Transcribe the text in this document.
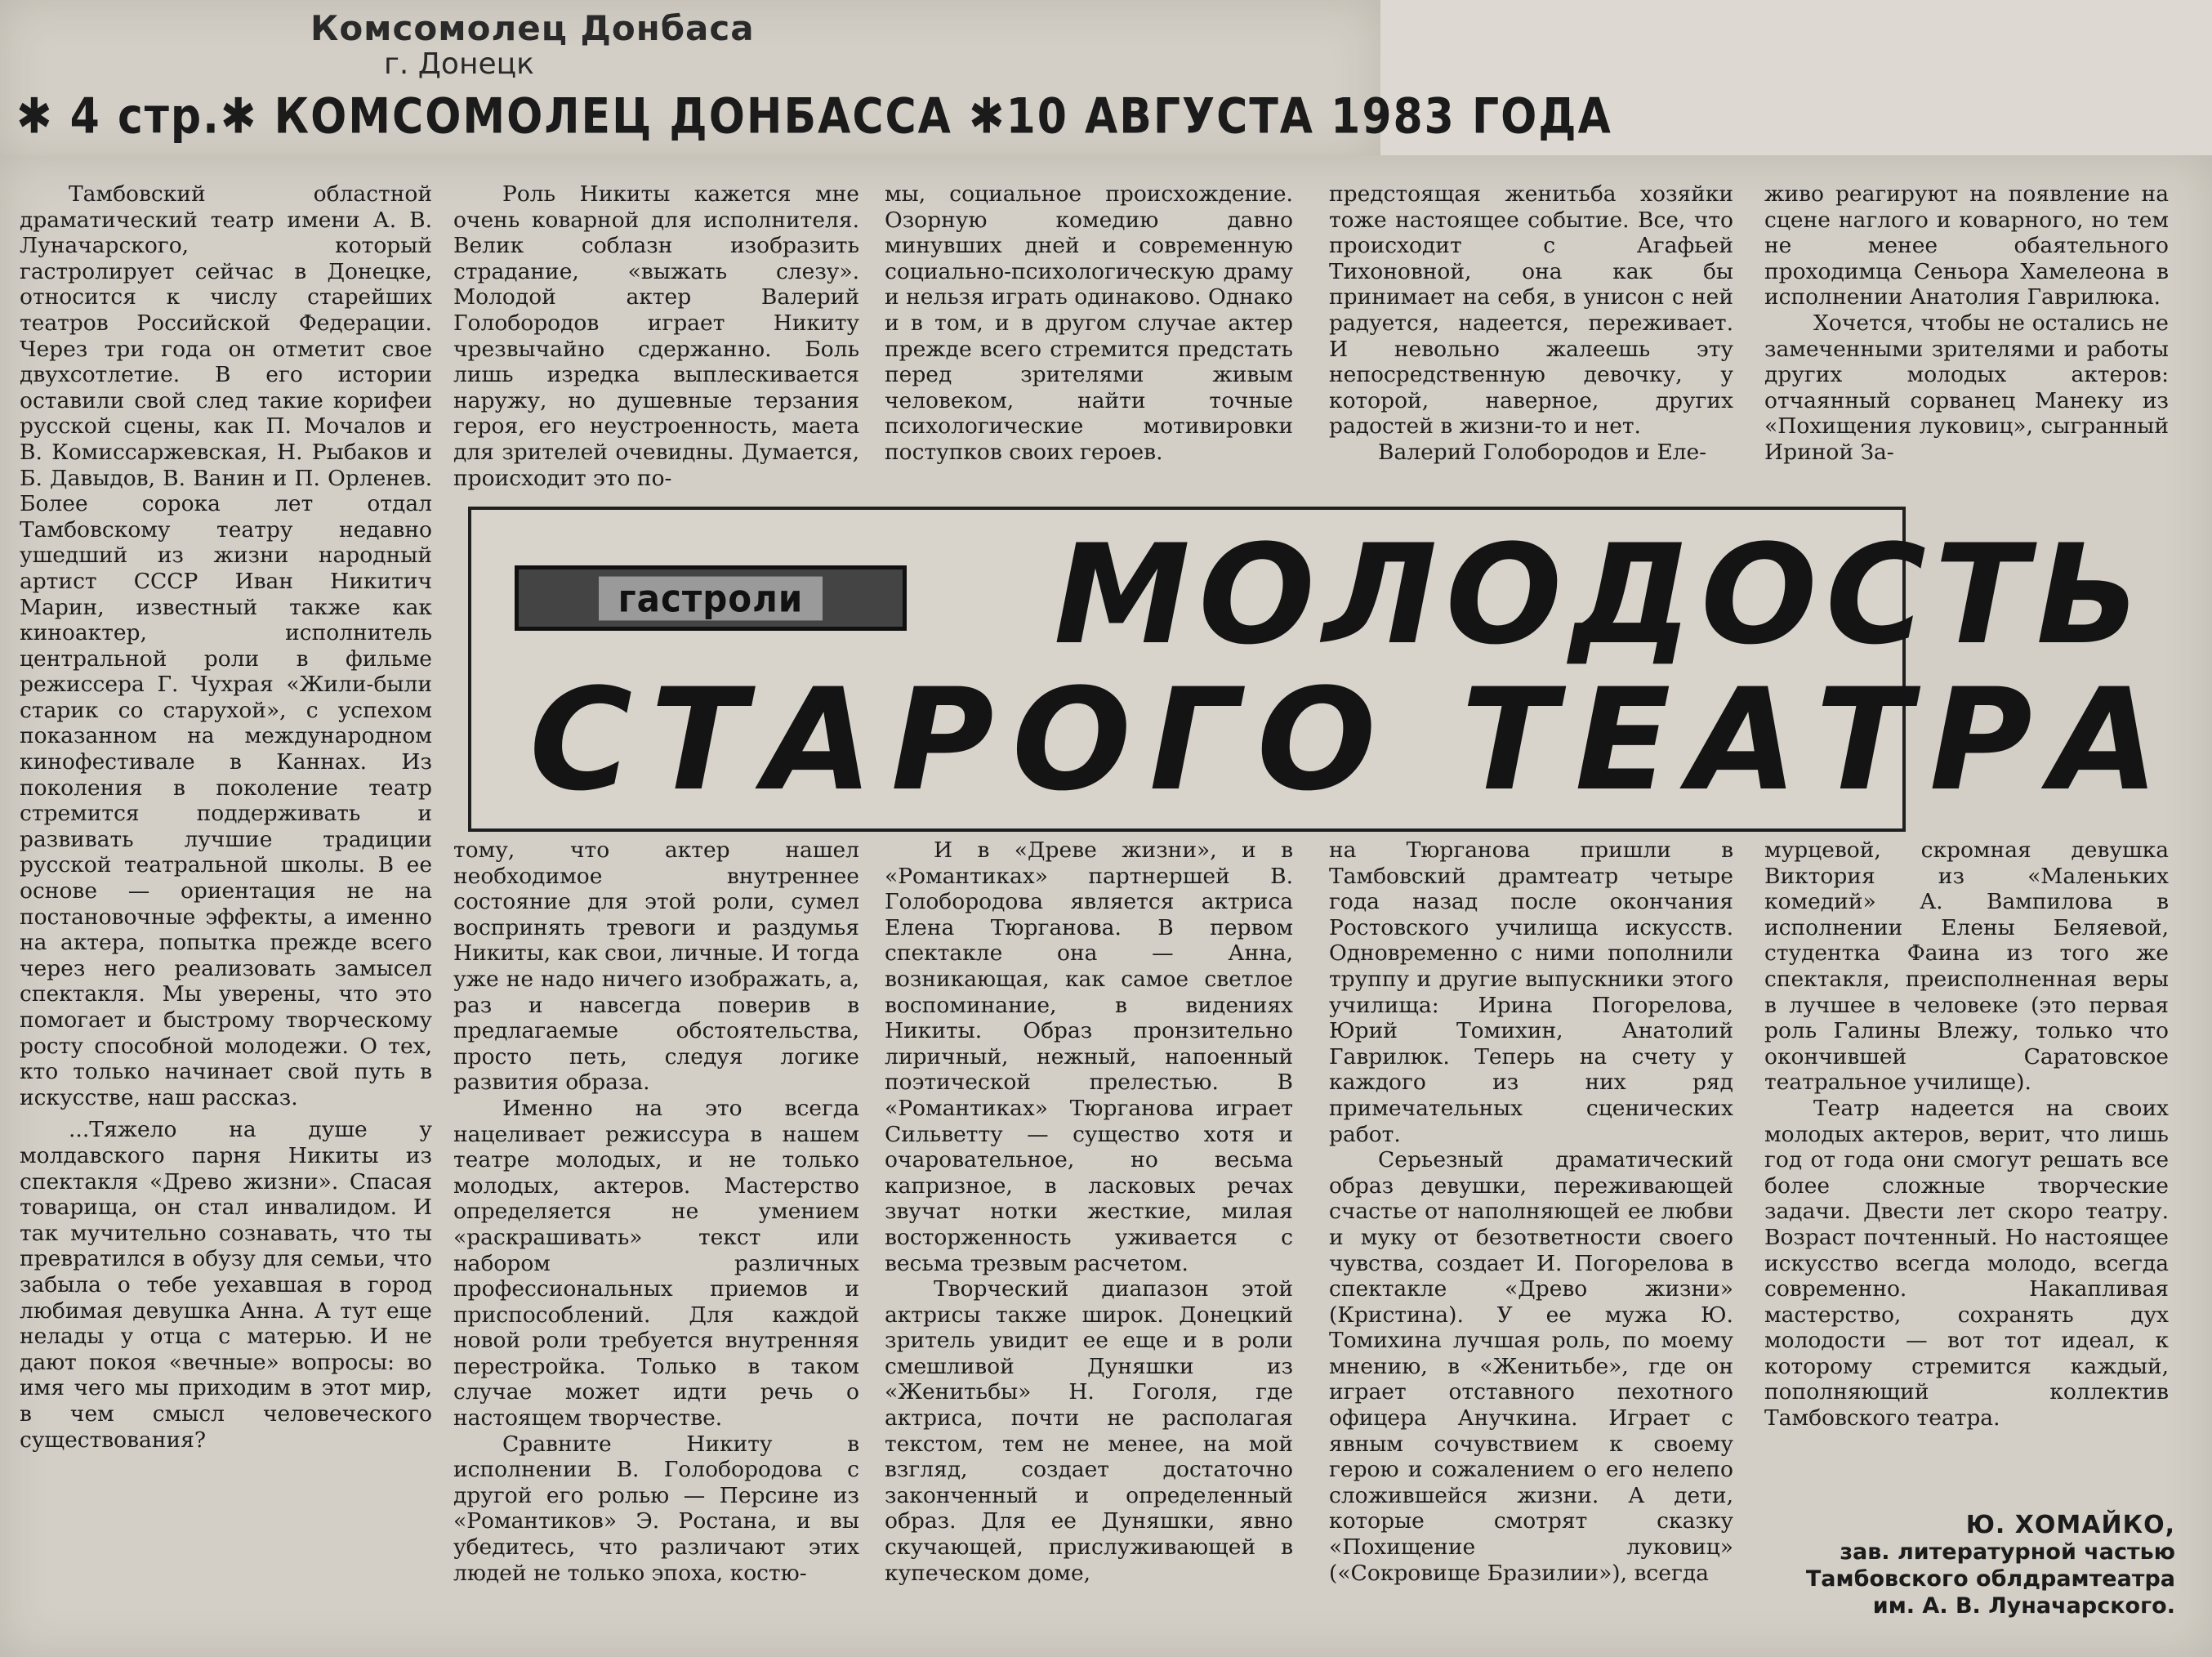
Комсомолец Донбаса
г. Донецк
✱ 4 стр. ✱ КОМСОМОЛЕЦ ДОНБАССА ✱ 10 АВГУСТА 1983 ГОДА

Тамбовский областной драматический театр имени А. В. Луначарского, который гастролирует сейчас в Донецке, относится к числу старейших театров Российской Федерации. Через три года он отметит свое двухсотлетие. В его истории оставили свой след такие корифеи русской сцены, как П. Мочалов и В. Комиссаржевская, Н. Рыбаков и Б. Давыдов, В. Ванин и П. Орленев. Более сорока лет отдал Тамбовскому театру недавно ушедший из жизни народный артист СССР Иван Никитич Марин, известный также как киноактер, исполнитель центральной роли в фильме режиссера Г. Чухрая «Жили-были старик со старухой», с успехом показанном на международном кинофестивале в Каннах. Из поколения в поколение театр стремится поддерживать и развивать лучшие традиции русской театральной школы. В ее основе — ориентация не на постановочные эффекты, а именно на актера, попытка прежде всего через него реализовать замысел спектакля. Мы уверены, что это помогает и быстрому творческому росту способной молодежи. О тех, кто только начинает свой путь в искусстве, наш рассказ.

...Тяжело на душе у молдавского парня Никиты из спектакля «Древо жизни». Спасая товарища, он стал инвалидом. И так мучительно сознавать, что ты превратился в обузу для семьи, что забыла о тебе уехавшая в город любимая девушка Анна. А тут еще нелады у отца с матерью. И не дают покоя «вечные» вопросы: во имя чего мы приходим в этот мир, в чем смысл человеческого существования?

Роль Никиты кажется мне очень коварной для исполнителя. Велик соблазн изобразить страдание, «выжать слезу». Молодой актер Валерий Голобородов играет Никиту чрезвычайно сдержанно. Боль лишь изредка выплескивается наружу, но душевные терзания героя, его неустроенность, маета для зрителей очевидны. Думается, происходит это по-

мы, социальное происхождение. Озорную комедию давно минувших дней и современную социально-психологическую драму и нельзя играть одинаково. Однако и в том, и в другом случае актер прежде всего стремится предстать перед зрителями живым человеком, найти точные психологические мотивировки поступков своих героев.

предстоящая женитьба хозяйки тоже настоящее событие. Все, что происходит с Агафьей Тихоновной, она как бы принимает на себя, в унисон с ней радуется, надеется, переживает. И невольно жалеешь эту непосредственную девочку, у которой, наверное, других радостей в жизни-то и нет.

Валерий Голобородов и Еле-

живо реагируют на появление на сцене наглого и коварного, но тем не менее обаятельного проходимца Сеньора Хамелеона в исполнении Анатолия Гаврилюка.

Хочется, чтобы не остались не замеченными зрителями и работы других молодых актеров: отчаянный сорванец Манеку из «Похищения луковиц», сыгранный Ириной За-

гастроли МОЛОДОСТЬ
СТАРОГО ТЕАТРА

тому, что актер нашел необходимое внутреннее состояние для этой роли, сумел воспринять тревоги и раздумья Никиты, как свои, личные. И тогда уже не надо ничего изображать, а, раз и навсегда поверив в предлагаемые обстоятельства, просто петь, следуя логике развития образа.

Именно на это всегда нацеливает режиссура в нашем театре молодых, и не только молодых, актеров. Мастерство определяется не умением «раскрашивать» текст или набором различных профессиональных приемов и приспособлений. Для каждой новой роли требуется внутренняя перестройка. Только в таком случае может идти речь о настоящем творчестве.

Сравните Никиту в исполнении В. Голобородова с другой его ролью — Персине из «Романтиков» Э. Ростана, и вы убедитесь, что различают этих людей не только эпоха, костю-

И в «Древе жизни», и в «Романтиках» партнершей В. Голобородова является актриса Елена Тюрганова. В первом спектакле она — Анна, возникающая, как самое светлое воспоминание, в видениях Никиты. Образ пронзительно лиричный, нежный, напоенный поэтической прелестью. В «Романтиках» Тюрганова играет Сильветту — существо хотя и очаровательное, но весьма капризное, в ласковых речах звучат нотки жесткие, милая восторженность уживается с весьма трезвым расчетом.

Творческий диапазон этой актрисы также широк. Донецкий зритель увидит ее еще и в роли смешливой Дуняшки из «Женитьбы» Н. Гоголя, где актриса, почти не располагая текстом, тем не менее, на мой взгляд, создает достаточно законченный и определенный образ. Для ее Дуняшки, явно скучающей, прислуживающей в купеческом доме,

на Тюрганова пришли в Тамбовский драмтеатр четыре года назад после окончания Ростовского училища искусств. Одновременно с ними пополнили труппу и другие выпускники этого училища: Ирина Погорелова, Юрий Томихин, Анатолий Гаврилюк. Теперь на счету у каждого из них ряд примечательных сценических работ.

Серьезный драматический образ девушки, переживающей счастье от наполняющей ее любви и муку от безответности своего чувства, создает И. Погорелова в спектакле «Древо жизни» (Кристина). У ее мужа Ю. Томихина лучшая роль, по моему мнению, в «Женитьбе», где он играет отставного пехотного офицера Анучкина. Играет с явным сочувствием к своему герою и сожалением о его нелепо сложившейся жизни. А дети, которые смотрят сказку «Похищение луковиц» («Сокровище Бразилии»), всегда

мурцевой, скромная девушка Виктория из «Маленьких комедий» А. Вампилова в исполнении Елены Беляевой, студентка Фаина из того же спектакля, преисполненная веры в лучшее в человеке (это первая роль Галины Влежу, только что окончившей Саратовское театральное училище).

Театр надеется на своих молодых актеров, верит, что лишь год от года они смогут решать все более сложные творческие задачи. Двести лет скоро театру. Возраст почтенный. Но настоящее искусство всегда молодо, всегда современно. Накапливая мастерство, сохранять дух молодости — вот тот идеал, к которому стремится каждый, пополняющий коллектив Тамбовского театра.

Ю. ХОМАЙКО,
зав. литературной частью
Тамбовского облдрамтеатра
им. А. В. Луначарского.
